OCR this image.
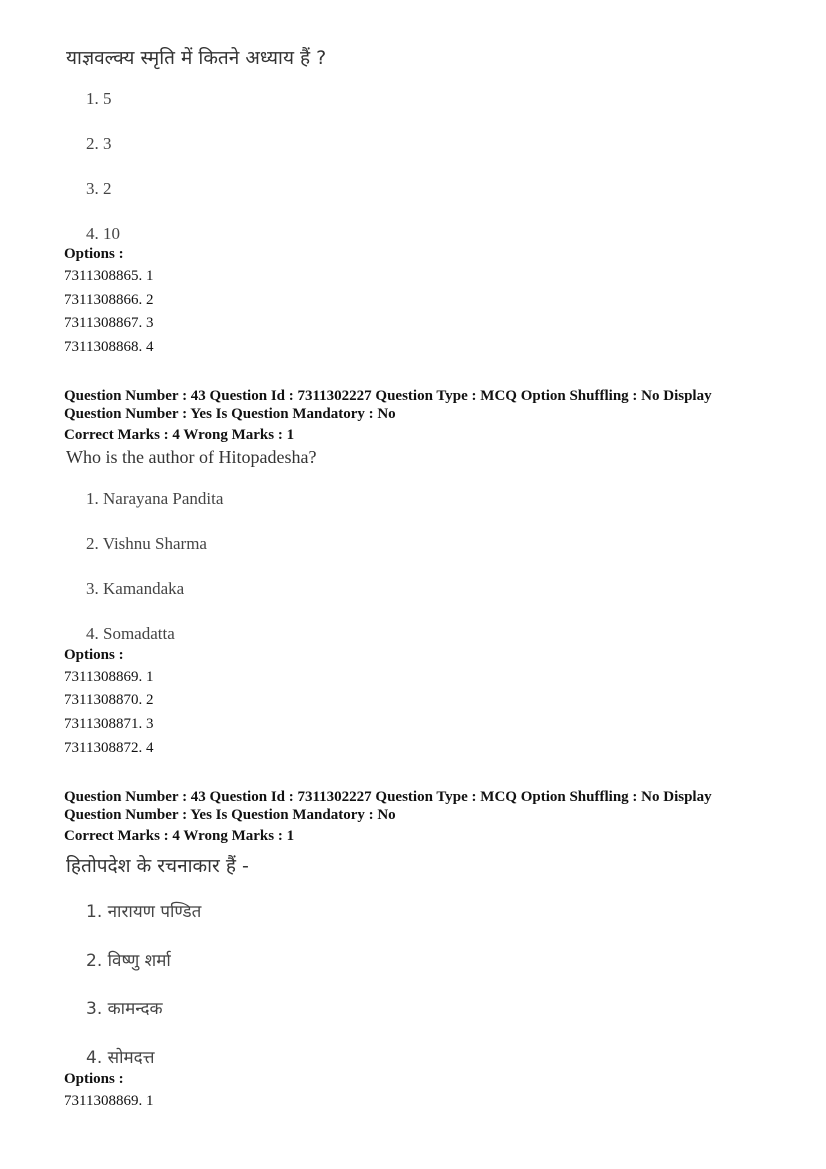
याज्ञवल्क्य स्मृति में कितने अध्याय हैं ?
1. 5
2. 3
3. 2
4. 10
Options :
7311308865. 1
7311308866. 2
7311308867. 3
7311308868. 4
Question Number : 43 Question Id : 7311302227 Question Type : MCQ Option Shuffling : No Display
Question Number : Yes Is Question Mandatory : No
Correct Marks : 4 Wrong Marks : 1
Who is the author of Hitopadesha?
1. Narayana Pandita
2. Vishnu Sharma
3. Kamandaka
4. Somadatta
Options :
7311308869. 1
7311308870. 2
7311308871. 3
7311308872. 4
Question Number : 43 Question Id : 7311302227 Question Type : MCQ Option Shuffling : No Display
Question Number : Yes Is Question Mandatory : No
Correct Marks : 4 Wrong Marks : 1
हितोपदेश के रचनाकार हैं -
1. नारायण पण्डित
2. विष्णु शर्मा
3. कामन्दक
4. सोमदत्त
Options :
7311308869. 1
